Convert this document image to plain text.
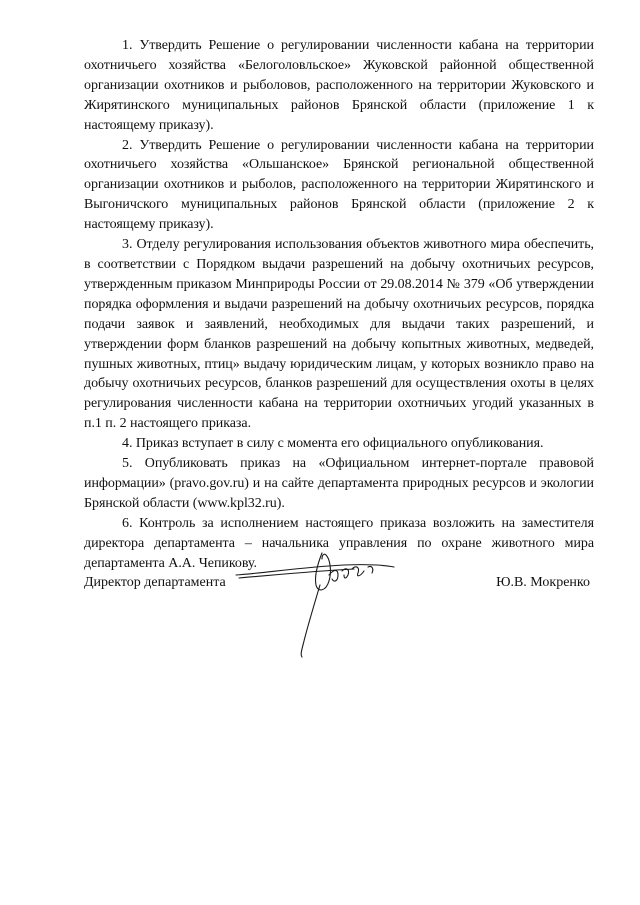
1. Утвердить Решение о регулировании численности кабана на территории охотничьего хозяйства «Белоголовльское» Жуковской районной общественной организации охотников и рыболовов, расположенного на территории Жуковского и Жирятинского муниципальных районов Брянской области (приложение 1 к настоящему приказу).

2. Утвердить Решение о регулировании численности кабана на территории охотничьего хозяйства «Ольшанское» Брянской региональной общественной организации охотников и рыболов, расположенного на территории Жирятинского и Выгоничского муниципальных районов Брянской области (приложение 2 к настоящему приказу).

3. Отделу регулирования использования объектов животного мира обеспечить, в соответствии с Порядком выдачи разрешений на добычу охотничьих ресурсов, утвержденным приказом Минприроды России от 29.08.2014 № 379 «Об утверждении порядка оформления и выдачи разрешений на добычу охотничьих ресурсов, порядка подачи заявок и заявлений, необходимых для выдачи таких разрешений, и утверждении форм бланков разрешений на добычу копытных животных, медведей, пушных животных, птиц» выдачу юридическим лицам, у которых возникло право на добычу охотничьих ресурсов, бланков разрешений для осуществления охоты в целях регулирования численности кабана на территории охотничьих угодий указанных в п.1 п. 2 настоящего приказа.

4. Приказ вступает в силу с момента его официального опубликования.

5. Опубликовать приказ на «Официальном интернет-портале правовой информации» (pravo.gov.ru) и на сайте департамента природных ресурсов и экологии Брянской области (www.kpl32.ru).

6. Контроль за исполнением настоящего приказа возложить на заместителя директора департамента – начальника управления по охране животного мира департамента А.А. Чепикову.

Директор департамента	Ю.В. Мокренко
